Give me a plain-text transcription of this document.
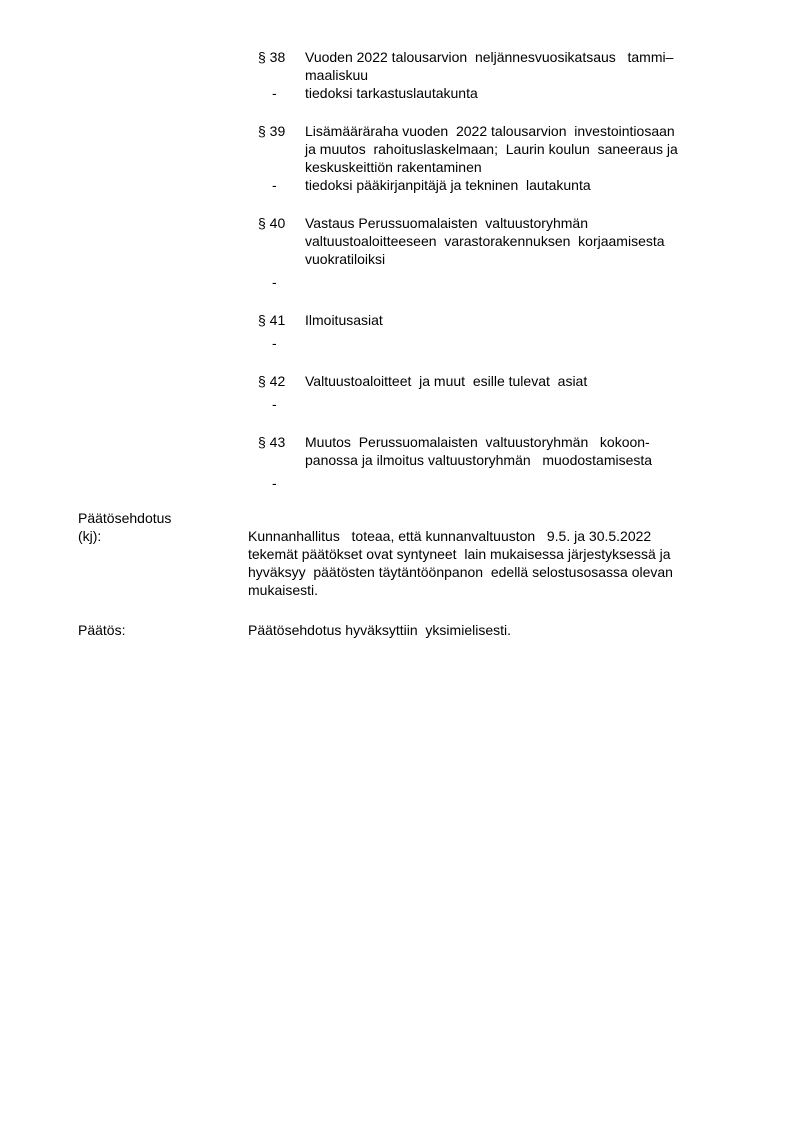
§ 38	Vuoden 2022 talousarvion  neljännesvuosikatsaus   tammi–
maaliskuu
-	tiedoksi tarkastuslautakunta
§ 39	Lisämääräraha vuoden  2022 talousarvion  investointiosaan
ja muutos  rahoituslaskelmaan;  Laurin koulun  saneeraus ja
keskuskeittiön rakentaminen
-	tiedoksi pääkirjanpitäjä ja tekninen  lautakunta
§ 40	Vastaus Perussuomalaisten  valtuustoryhmän
valtuustoaloitteeseen  varastorakennuksen  korjaamisesta
vuokratiloiksi
-
§ 41	Ilmoitusasiat
-
§ 42	Valtuustoaloitteet  ja muut  esille tulevat  asiat
-
§ 43	Muutos  Perussuomalaisten  valtuustoryhmän   kokoon-
panossa ja ilmoitus valtuustoryhmän   muodostamisesta
-
Päätösehdotus
(kj):	Kunnanhallitus   toteaa, että kunnanvaltuuston   9.5. ja 30.5.2022
tekemät päätökset ovat syntyneet  lain mukaisessa järjestyksessä ja
hyväksyy  päätösten täytäntöönpanon  edellä selostusosassa olevan
mukaisesti.
Päätös:	Päätösehdotus hyväksyttiin  yksimielisesti.
